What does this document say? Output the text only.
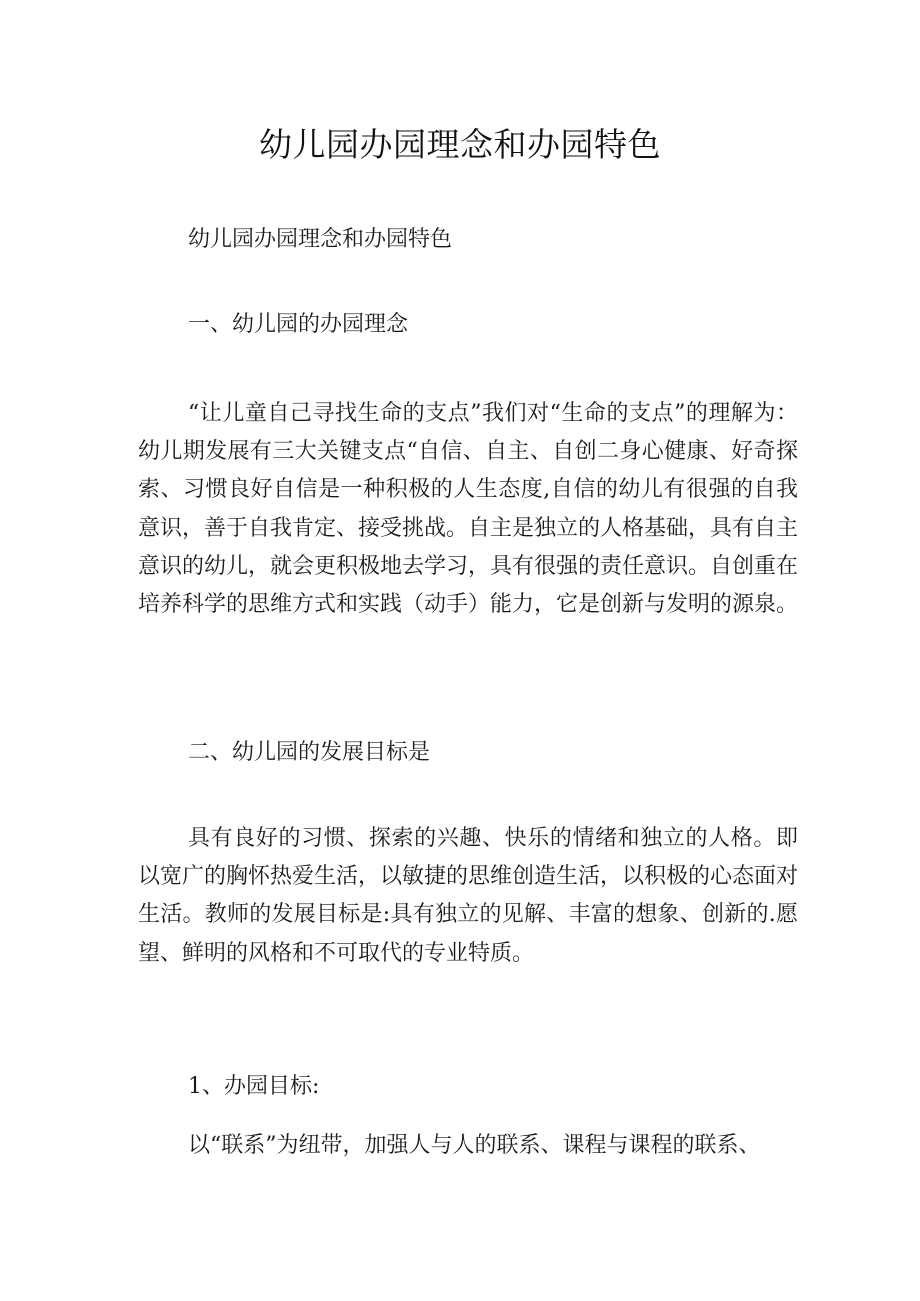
幼儿园办园理念和办园特色
幼儿园办园理念和办园特色
一、幼儿园的办园理念
“让儿童自己寻找生命的支点”我们对“生命的支点”的理解为：幼儿期发展有三大关键支点“自信、自主、自创二身心健康、好奇探索、习惯良好自信是一种积极的人生态度,自信的幼儿有很强的自我意识，善于自我肯定、接受挑战。自主是独立的人格基础，具有自主意识的幼儿，就会更积极地去学习，具有很强的责任意识。自创重在培养科学的思维方式和实践（动手）能力，它是创新与发明的源泉。
二、幼儿园的发展目标是
具有良好的习惯、探索的兴趣、快乐的情绪和独立的人格。即以宽广的胸怀热爱生活，以敏捷的思维创造生活，以积极的心态面对生活。教师的发展目标是:具有独立的见解、丰富的想象、创新的.愿望、鲜明的风格和不可取代的专业特质。
1、办园目标:
以“联系”为纽带，加强人与人的联系、课程与课程的联系、
